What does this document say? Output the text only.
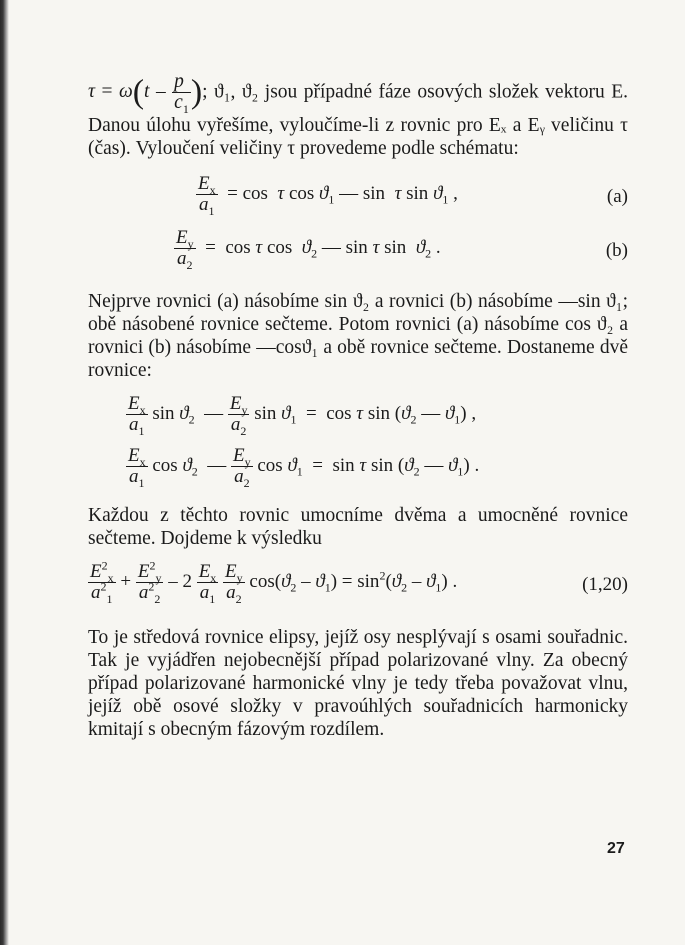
$\tau = \omega(t - \frac{p}{c_1}$ ); ϑ₁, ϑ₂ jsou případné fáze osových složek vektoru E. Danou úlohu vyřešíme, vyloučíme-li z rovnic pro Eₓ a Eᵧ veličinu τ (čas). Vyloučení veličiny τ provedeme podle schématu:

$\frac{E_x}{a_1} = \cos \tau$ $\cos ϑ_1$ — sin  τ $\sin ϑ_1$ ,	(a)
$\frac{E_y}{a_2} = \cos \tau$ $\cos ϑ_2$ — sin τ $\sin ϑ_2$ .	(b)

Nejprve rovnici (a) násobíme sin ϑ₂ a rovnici (b) násobíme —sin ϑ₁; obě násobené rovnice sečteme. Potom rovnici (a) násobíme cos ϑ₂ a rovnici (b) násobíme —cosϑ₁ a obě rovnice sečteme. Dostaneme dvě rovnice:

$\frac{E_x}{a_1}$ $\sin ϑ_2$  — $\frac{E_y}{a_2}$ $\sin ϑ_1 = \cos \tau$ $\sin (ϑ_2$ — $ϑ_1$) ,
$\frac{E_x}{a_1}$ $\cos ϑ_2$  — $\frac{E_y}{a_2}$ $\cos ϑ_1 = \sin \tau$ $\sin (ϑ_2$ — $ϑ_1$) .

Každou z těchto rovnic umocníme dvěma a umocněné rovnice sečteme. Dojdeme k výsledku

$\frac{E^2_x}{a^2_1} + \frac{E^2_y}{a^2_2} - 2 \frac{E_x}{a_1}$
$\frac{E_y}{a_2} \cos(ϑ_2 - ϑ_1) = \sin^2(ϑ_2 - ϑ_1)$ .	(1,20)

To je středová rovnice elipsy, jejíž osy nesplývají s osami souřadnic. Tak je vyjádřen nejobecnější případ polarizované vlny. Za obecný případ polarizované harmonické vlny je tedy třeba považovat vlnu, jejíž obě osové složky v pravoúhlých souřadnicích harmonicky kmitají s obecným fázovým rozdílem.

27
